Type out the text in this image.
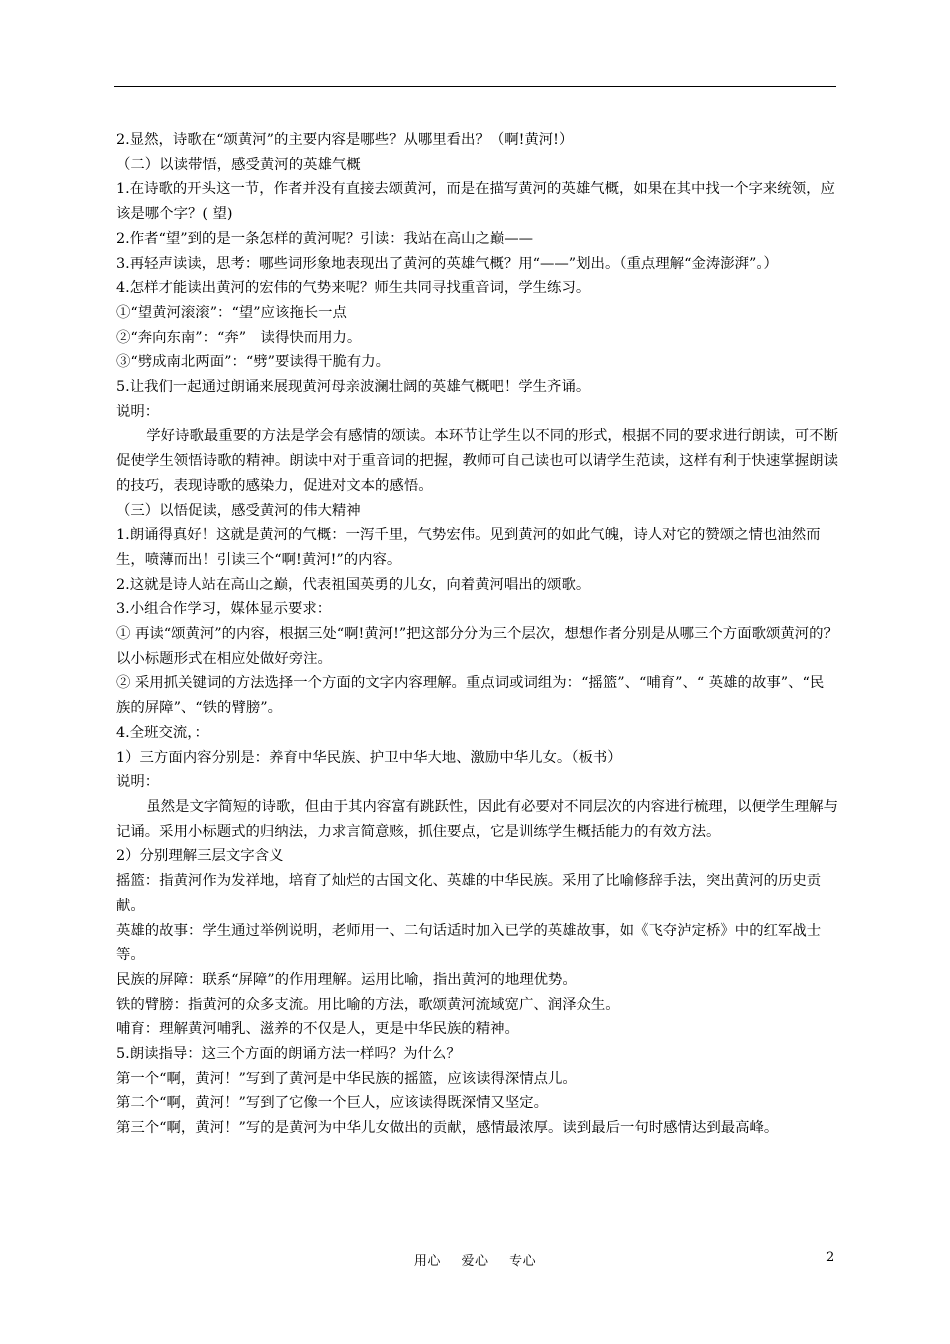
2.显然，诗歌在“颂黄河”的主要内容是哪些？从哪里看出？（啊!黄河!）

（二）以读带悟，感受黄河的英雄气概

1.在诗歌的开头这一节，作者并没有直接去颂黄河，而是在描写黄河的英雄气概，如果在其中找一个字来统领，应该是哪个字？( 望)

2.作者“望”到的是一条怎样的黄河呢？引读：我站在高山之巅——

3.再轻声读读，思考：哪些词形象地表现出了黄河的英雄气概？用“——”划出。（重点理解“金涛澎湃”。）

4.怎样才能读出黄河的宏伟的气势来呢？师生共同寻找重音词，学生练习。

①“望黄河滚滚”：“望”应该拖长一点

②“奔向东南”：“奔”　读得快而用力。

③“劈成南北两面”：“劈”要读得干脆有力。

5.让我们一起通过朗诵来展现黄河母亲波澜壮阔的英雄气概吧！学生齐诵。

说明：

学好诗歌最重要的方法是学会有感情的颂读。本环节让学生以不同的形式，根据不同的要求进行朗读，可不断促使学生领悟诗歌的精神。朗读中对于重音词的把握，教师可自己读也可以请学生范读，这样有利于快速掌握朗读的技巧，表现诗歌的感染力，促进对文本的感悟。

（三）以悟促读，感受黄河的伟大精神

1.朗诵得真好！这就是黄河的气概：一泻千里，气势宏伟。见到黄河的如此气魄，诗人对它的赞颂之情也油然而生，喷薄而出！引读三个“啊!黄河!”的内容。

2.这就是诗人站在高山之巅，代表祖国英勇的儿女，向着黄河唱出的颂歌。

3.小组合作学习，媒体显示要求：

① 再读“颂黄河”的内容，根据三处“啊!黄河!”把这部分分为三个层次，想想作者分别是从哪三个方面歌颂黄河的？以小标题形式在相应处做好旁注。

② 采用抓关键词的方法选择一个方面的文字内容理解。重点词或词组为：“摇篮”、“哺育”、“ 英雄的故事”、“民族的屏障”、“铁的臂膀”。

4.全班交流，：

1）三方面内容分别是：养育中华民族、护卫中华大地、激励中华儿女。（板书）

说明：

虽然是文字简短的诗歌，但由于其内容富有跳跃性，因此有必要对不同层次的内容进行梳理，以便学生理解与记诵。采用小标题式的归纳法，力求言简意赅，抓住要点，它是训练学生概括能力的有效方法。

2）分别理解三层文字含义

摇篮：指黄河作为发祥地，培育了灿烂的古国文化、英雄的中华民族。采用了比喻修辞手法，突出黄河的历史贡献。

英雄的故事：学生通过举例说明，老师用一、二句话适时加入已学的英雄故事，如《飞夺泸定桥》中的红军战士等。

民族的屏障：联系“屏障”的作用理解。运用比喻，指出黄河的地理优势。

铁的臂膀：指黄河的众多支流。用比喻的方法，歌颂黄河流域宽广、润泽众生。

哺育：理解黄河哺乳、滋养的不仅是人，更是中华民族的精神。

5.朗读指导：这三个方面的朗诵方法一样吗？为什么？

第一个“啊，黄河！”写到了黄河是中华民族的摇篮，应该读得深情点儿。

第二个“啊，黄河！”写到了它像一个巨人，应该读得既深情又坚定。

第三个“啊，黄河！”写的是黄河为中华儿女做出的贡献，感情最浓厚。读到最后一句时感情达到最高峰。

用心 爱心 专心	2
